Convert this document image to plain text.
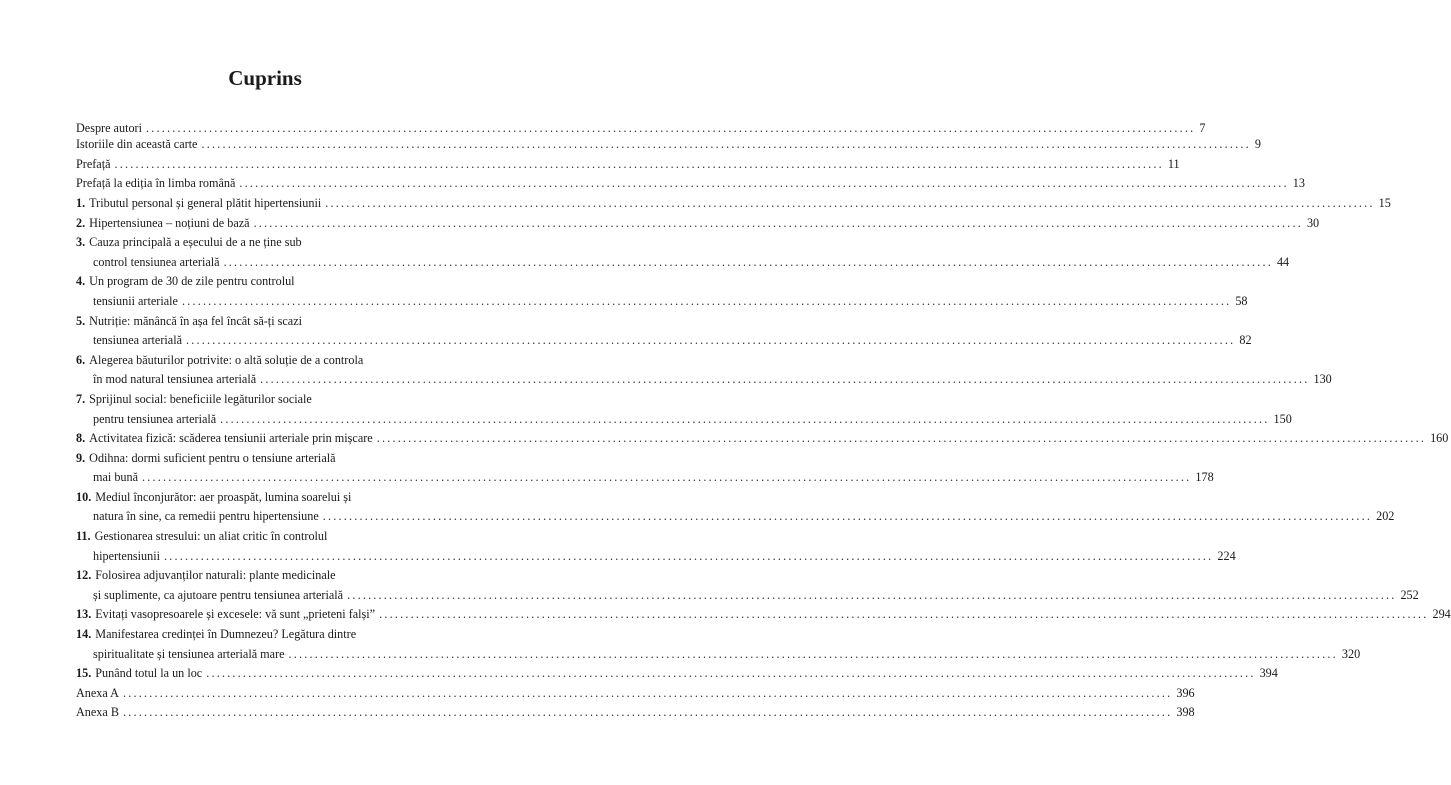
Cuprins
Despre autori ........................................................................................................................................................................................................ 7
Istoriile din această carte ........................................................................................................................................................................................................ 9
Prefață ........................................................................................................................................................................................................ 11
Prefață la ediția în limba română ........................................................................................................................................................................................................ 13
1. Tributul personal și general plătit hipertensiunii ........................................................................................................................................................................................................ 15
2. Hipertensiunea – noțiuni de bază ........................................................................................................................................................................................................ 30
3. Cauza principală a eșecului de a ne ține sub
control tensiunea arterială ........................................................................................................................................................................................................ 44
4. Un program de 30 de zile pentru controlul
tensiunii arteriale ........................................................................................................................................................................................................ 58
5. Nutriție: mănâncă în așa fel încât să-ți scazi
tensiunea arterială ........................................................................................................................................................................................................ 82
6. Alegerea băuturilor potrivite: o altă soluție de a controla
în mod natural tensiunea arterială ........................................................................................................................................................................................................ 130
7. Sprijinul social: beneficiile legăturilor sociale
pentru tensiunea arterială ........................................................................................................................................................................................................ 150
8. Activitatea fizică: scăderea tensiunii arteriale prin mișcare ........................................................................................................................................................................................................ 160
9. Odihna: dormi suficient pentru o tensiune arterială
mai bună ........................................................................................................................................................................................................ 178
10. Mediul înconjurător: aer proaspăt, lumina soarelui și
natura în sine, ca remedii pentru hipertensiune ........................................................................................................................................................................................................ 202
11. Gestionarea stresului: un aliat critic în controlul
hipertensiunii ........................................................................................................................................................................................................ 224
12. Folosirea adjuvanților naturali: plante medicinale
și suplimente, ca ajutoare pentru tensiunea arterială ........................................................................................................................................................................................................ 252
13. Evitați vasopresoarele și excesele: vă sunt „prieteni falși” ........................................................................................................................................................................................................ 294
14. Manifestarea credinței în Dumnezeu? Legătura dintre
spiritualitate și tensiunea arterială mare ........................................................................................................................................................................................................ 320
15. Punând totul la un loc ........................................................................................................................................................................................................ 394
Anexa A ........................................................................................................................................................................................................ 396
Anexa B ........................................................................................................................................................................................................ 398
